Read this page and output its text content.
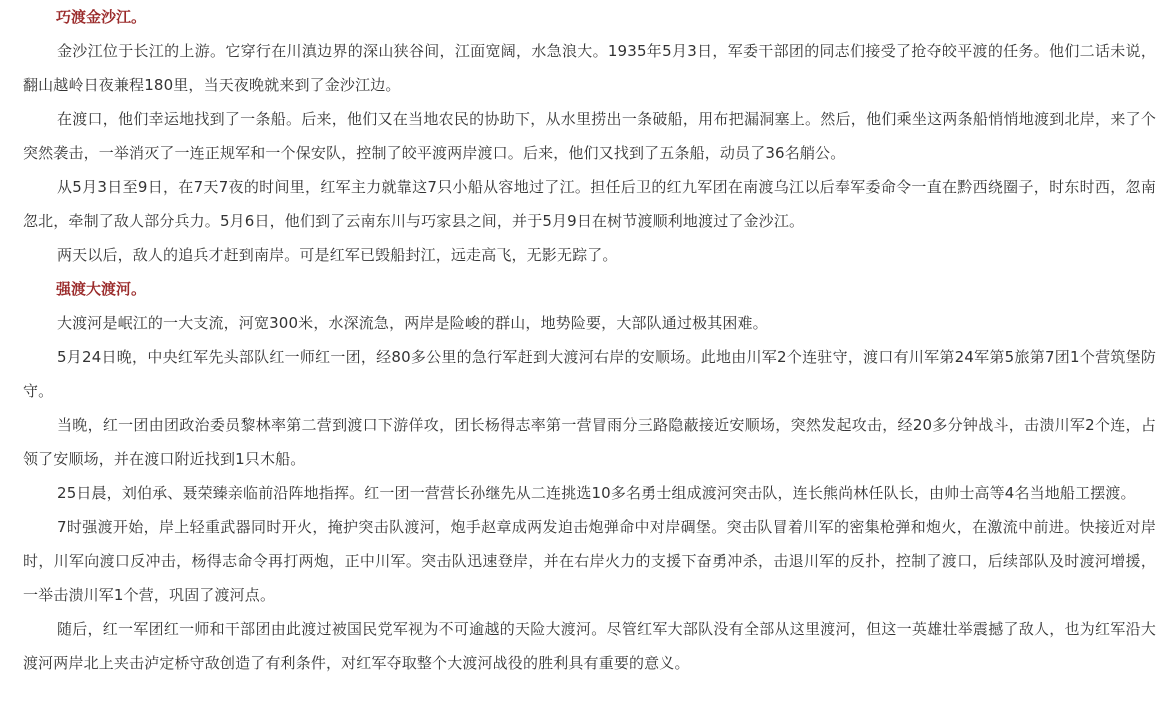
巧渡金沙江。

金沙江位于长江的上游。它穿行在川滇边界的深山狭谷间，江面宽阔，水急浪大。1935年5月3日，军委干部团的同志们接受了抢夺皎平渡的任务。他们二话未说，翻山越岭日夜兼程180里，当天夜晚就来到了金沙江边。

在渡口，他们幸运地找到了一条船。后来，他们又在当地农民的协助下，从水里捞出一条破船，用布把漏洞塞上。然后，他们乘坐这两条船悄悄地渡到北岸，来了个突然袭击，一举消灭了一连正规军和一个保安队，控制了皎平渡两岸渡口。后来，他们又找到了五条船，动员了36名艄公。

从5月3日至9日，在7天7夜的时间里，红军主力就靠这7只小船从容地过了江。担任后卫的红九军团在南渡乌江以后奉军委命令一直在黔西绕圈子，时东时西，忽南忽北，牵制了敌人部分兵力。5月6日，他们到了云南东川与巧家县之间，并于5月9日在树节渡顺利地渡过了金沙江。

两天以后，敌人的追兵才赶到南岸。可是红军已毁船封江，远走高飞，无影无踪了。

强渡大渡河。

大渡河是岷江的一大支流，河宽300米，水深流急，两岸是险峻的群山，地势险要，大部队通过极其困难。

5月24日晚，中央红军先头部队红一师红一团，经80多公里的急行军赶到大渡河右岸的安顺场。此地由川军2个连驻守，渡口有川军第24军第5旅第7团1个营筑堡防守。

当晚，红一团由团政治委员黎林率第二营到渡口下游佯攻，团长杨得志率第一营冒雨分三路隐蔽接近安顺场，突然发起攻击，经20多分钟战斗，击溃川军2个连，占领了安顺场，并在渡口附近找到1只木船。

25日晨，刘伯承、聂荣臻亲临前沿阵地指挥。红一团一营营长孙继先从二连挑选10多名勇士组成渡河突击队，连长熊尚林任队长，由帅士高等4名当地船工摆渡。

7时强渡开始，岸上轻重武器同时开火，掩护突击队渡河，炮手赵章成两发迫击炮弹命中对岸碉堡。突击队冒着川军的密集枪弹和炮火，在激流中前进。快接近对岸时，川军向渡口反冲击，杨得志命令再打两炮，正中川军。突击队迅速登岸，并在右岸火力的支援下奋勇冲杀，击退川军的反扑，控制了渡口，后续部队及时渡河增援，一举击溃川军1个营，巩固了渡河点。

随后，红一军团红一师和干部团由此渡过被国民党军视为不可逾越的天险大渡河。尽管红军大部队没有全部从这里渡河，但这一英雄壮举震撼了敌人，也为红军沿大渡河两岸北上夹击泸定桥守敌创造了有利条件，对红军夺取整个大渡河战役的胜利具有重要的意义。
